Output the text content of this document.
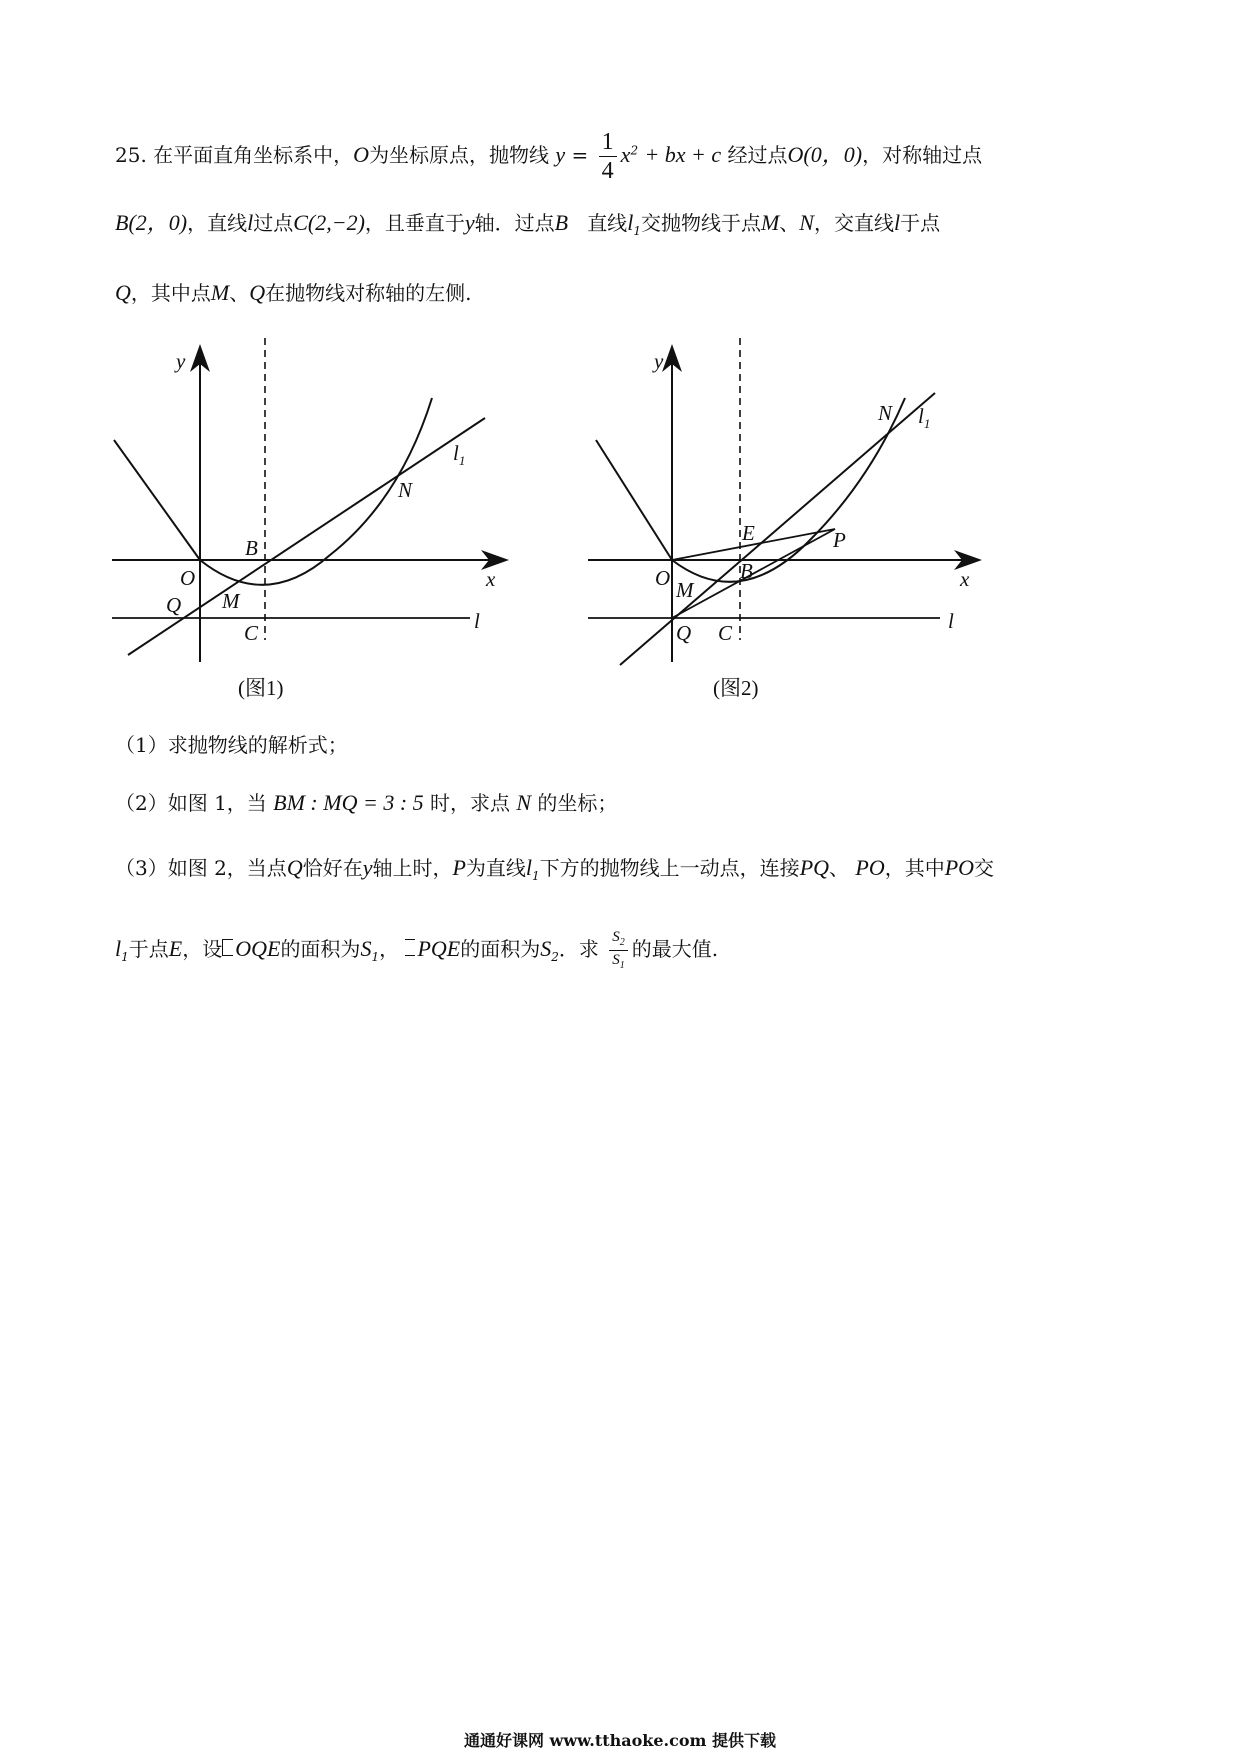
25. 在平面直角坐标系中，O为坐标原点，抛物线 $y = \frac{1}{4} x^2$ + bx + c 经过点O(0，0)，对称轴过点
B(2，0)，直线l过点C(2,−2)，且垂直于y轴．过点B 直线$l_1$交抛物线于点M、N，交直线l于点
Q，其中点M、Q在抛物线对称轴的左侧.
y
x
O
B
M
Q
C
N
$l_1$
l
(图1)
y
x
O	B
M
Q C
N
E	P
$l_1$
l
(图2)
（1）求抛物线的解析式；
（2）如图 1，当 BM : MQ = 3 : 5 时，求点 N 的坐标；
（3）如图 2，当点Q恰好在y轴上时，P为直线$l_1$下方的抛物线上一动点，连接PQ、 PO，其中PO交
$l_1$于点E，设 OQE的面积为$S_1$， PQE的面积为$S_2$．求 $\frac{S_2}{S_1}$ 的最大值.
通通好课网 www.tthaoke.com 提供下载
